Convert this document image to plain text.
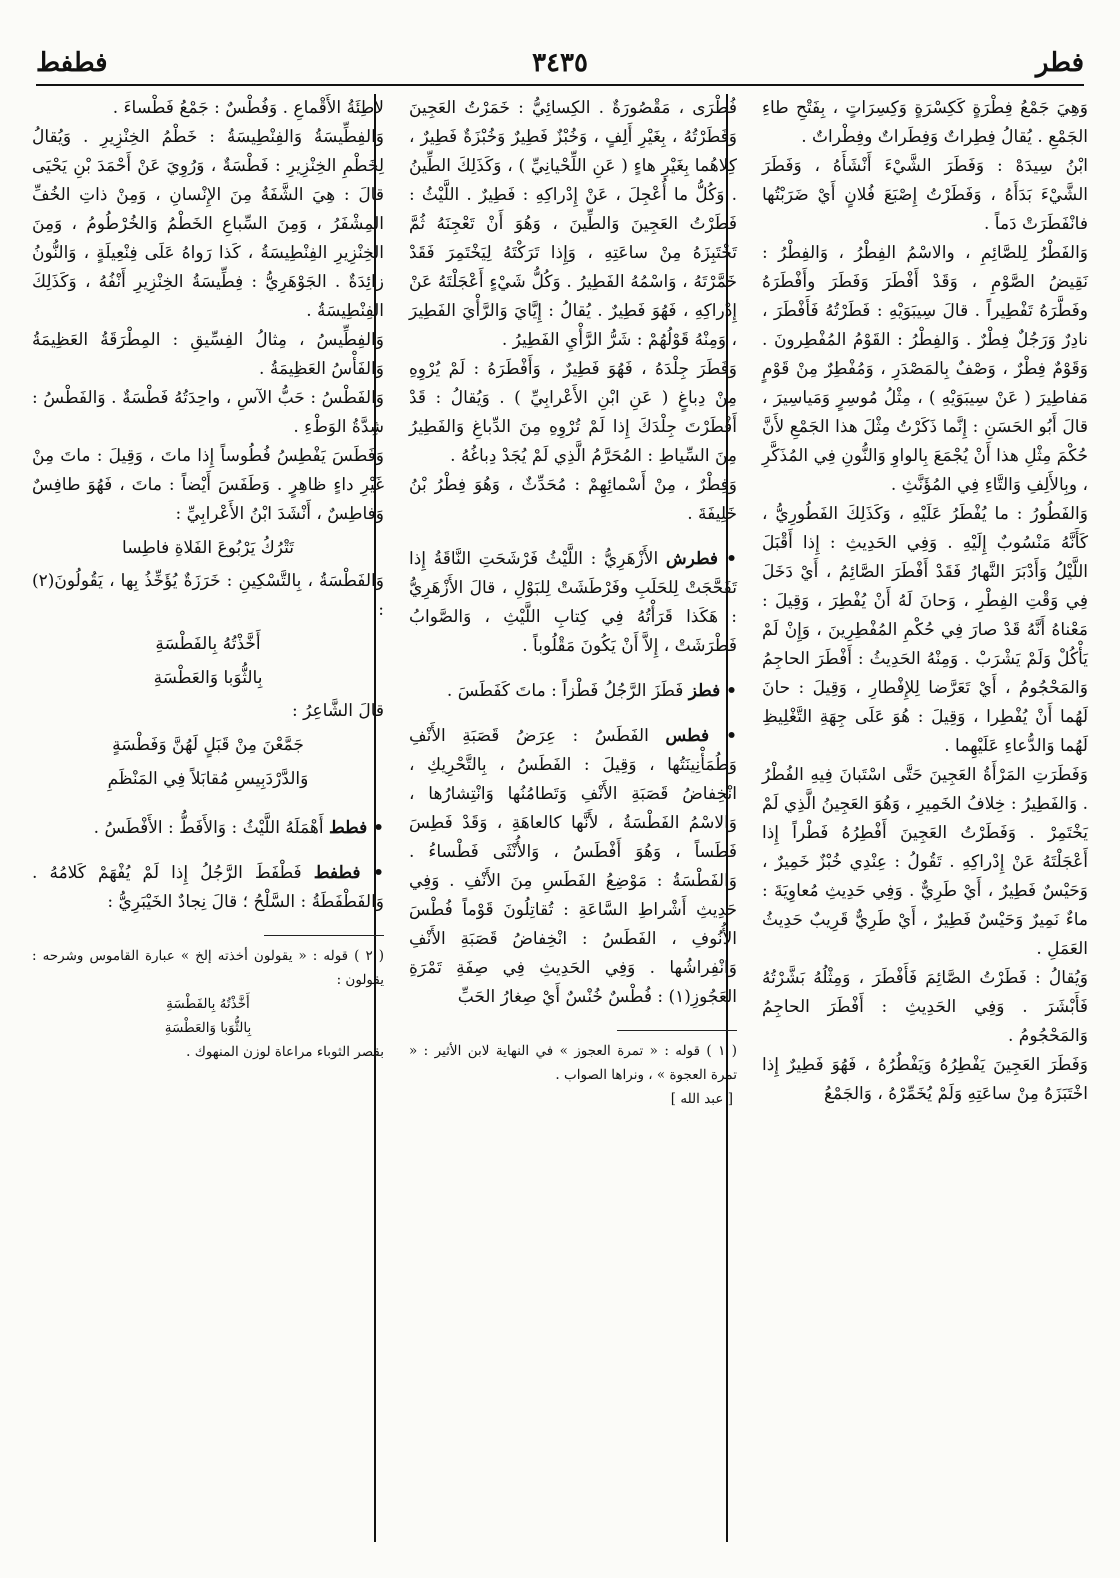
فطر
٣٤٣٥
فطفط

وَهِيَ جَمْعُ فِطْرَةٍ كَكِسْرَةٍ وَكِسِرَاتٍ ، بِفَتْحِ طاءِ الجَمْعِ . يُقالُ فِطِراتٌ وَفِطَراتٌ وفِطْراتٌ .

ابْنُ سِيدَهْ : وَفَطَرَ الشَّيْءَ أَنْشَأَهُ ، وَفَطَرَ الشَّيْءَ بَدَأَهُ ، وَفَطَرْتُ إِصْبَعَ فُلانٍ أَيْ ضَرَبْتُها فانْفَطَرَتْ دَماً .

وَالفَطْرُ لِلصَّائِمِ ، والاسْمُ الفِطْرُ ، وَالفِطْرُ : نَقِيضُ الصَّوْمِ ، وَقَدْ أَفْطَرَ وَفَطَرَ وأَفْطَرَهُ وفَطَّرَهُ تَفْطِيراً . قالَ سِيبَوَيْهِ : فَطَرْتُهُ فَأَفْطَرَ ، نادِرٌ وَرَجُلٌ فِطْرٌ . وَالفِطْرُ : القَوْمُ المُفْطِرونَ . وَقَوْمٌ فِطْرٌ ، وَصْفٌ بِالمَصْدَرِ ، وَمُفْطِرٌ مِنْ قَوْمٍ مَفاطِيرَ ( عَنْ سِيبَوَيْهِ ) ، مِثْلُ مُوسِرٍ وَمَياسِيرَ ، قالَ أَبُو الحَسَنِ : إِنَّما ذَكَرْتُ مِثْلَ هذا الجَمْعِ لأَنَّ حُكْمَ مِثْلِ هذا أَنْ يُجْمَعَ بِالواوِ وَالنُّونِ فِي المُذَكَّرِ ، وبِالأَلِفِ وَالتَّاءِ فِي المُؤَنَّثِ .

وَالفَطُورُ : ما يُفْطَرُ عَلَيْهِ ، وَكَذَلِكَ الفَطُورِيُّ ، كَأَنَّهُ مَنْسُوبٌ إِلَيْهِ . وَفِي الحَدِيثِ : إِذا أَقْبَلَ اللَّيْلُ وَأَدْبَرَ النَّهارُ فَقَدْ أَفْطَرَ الصَّائِمُ ، أَيْ دَخَلَ فِي وَقْتِ الفِطْرِ ، وَحانَ لَهُ أَنْ يُفْطِرَ ، وَقِيلَ : مَعْناهُ أَنَّهُ قَدْ صارَ فِي حُكْمِ المُفْطِرِينَ ، وَإِنْ لَمْ يَأْكُلْ وَلَمْ يَشْرَبْ . وَمِنْهُ الحَدِيثُ : أَفْطَرَ الحاجِمُ وَالمَحْجُومُ ، أَيْ تَعَرَّضا لِلإِفْطارِ ، وَقِيلَ : حانَ لَهُما أَنْ يُفْطِرا ، وَقِيلَ : هُوَ عَلَى جِهَةِ التَّغْلِيظِ لَهُما وَالدُّعاءِ عَلَيْهِما .

وَفَطَرَتِ المَرْأَةُ العَجِينَ حَتَّى اسْتَبانَ فِيهِ الفُطْرُ . وَالفَطِيرُ : خِلافُ الخَمِيرِ ، وَهُوَ العَجِينُ الَّذِي لَمْ يَخْتَمِرْ . وَفَطَرْتُ العَجِينَ أَفْطِرُهُ فَطْراً إِذا أَعْجَلْتَهُ عَنْ إِدْراكِهِ . تَقُولُ : عِنْدِي خُبْزٌ خَمِيرٌ ، وَحَيْسٌ فَطِيرٌ ، أَيْ طَرِيٌّ . وَفِي حَدِيثِ مُعاوِيَةَ : ماءٌ نَمِيرٌ وَحَيْسٌ فَطِيرٌ ، أَيْ طَرِيٌّ قَرِيبٌ حَدِيثُ العَمَلِ .

وَيُقالُ : فَطَرْتُ الصَّائِمَ فَأَفْطَرَ ، وَمِثْلُهُ بَشَّرْتُهُ فَأَبْشَرَ . وَفِي الحَدِيثِ : أَفْطَرَ الحاجِمُ وَالمَحْجُومُ .

وَفَطَرَ العَجِينَ يَفْطِرُهُ وَيَفْطُرُهُ ، فَهُوَ فَطِيرٌ إِذا اخْتَبَزَهُ مِنْ ساعَتِهِ وَلَمْ يُخَمِّرْهُ ، وَالجَمْعُ

فُطْرَى ، مَقْصُورَةٌ . الكِسائِيُّ : خَمَرْتُ العَجِينَ وَفَطَرْتُهُ ، بِغَيْرِ أَلِفٍ ، وَخُبْزٌ فَطِيرٌ وَخُبْزَةٌ فَطِيرٌ ، كِلاهُما بِغَيْرِ هاءٍ ( عَنِ اللِّحْيانِيِّ ) ، وَكَذَلِكَ الطِّينُ . وَكُلُّ ما أُعْجِلَ ، عَنْ إِدْراكِهِ : فَطِيرٌ . اللَّيْثُ : فَطَرْتُ العَجِينَ وَالطِّينَ ، وَهُوَ أَنْ تَعْجِنَهُ ثُمَّ تَخْتَبِزَهُ مِنْ ساعَتِهِ ، وَإِذا تَرَكْتَهُ لِيَخْتَمِرَ فَقَدْ خَمَّرْتَهُ ، وَاسْمُهُ الفَطِيرُ . وَكُلُّ شَيْءٍ أَعْجَلْتَهُ عَنْ إِدْراكِهِ ، فَهُوَ فَطِيرٌ . يُقالُ : إِيَّايَ وَالرَّأْيَ الفَطِيرَ ، وَمِنْهُ قَوْلُهُمْ : شَرُّ الرَّأْيِ الفَطِيرُ .

وَفَطَرَ جِلْدَهُ ، فَهُوَ فَطِيرٌ ، وَأَفْطَرَهُ : لَمْ يُرْوِهِ مِنْ دِباغٍ ( عَنِ ابْنِ الأَعْرابِيِّ ) . وَيُقالُ : قَدْ أَفْطَرْتَ جِلْدَكَ إِذا لَمْ تُرْوِهِ مِنَ الدِّباغِ وَالفَطِيرُ مِنَ السِّياطِ : المُحَرَّمُ الَّذِي لَمْ يُجَدْ دِباغُهُ .

وَفِطْرٌ ، مِنْ أَسْمائِهِمْ : مُحَدِّثٌ ، وَهُوَ فِطْرُ بْنُ خَلِيفَةَ .

• فطرش الأَزْهَرِيُّ : اللَّيْثُ فَرْشَحَتِ النَّاقَةُ إِذا تَفَحَّجَتْ لِلحَلَبِ وفَرْطَشَتْ لِلبَوْلِ ، قالَ الأَزْهَرِيُّ : هَكَذا قَرَأْتُهُ فِي كِتابِ اللَّيْثِ ، وَالصَّوابُ فَطْرَشَتْ ، إِلاَّ أَنْ يَكُونَ مَقْلُوباً .

• فطز فَطَزَ الرَّجُلُ فَطْزاً : ماتَ كَفَطَسَ .

• فطس الفَطَسُ : عِرَضُ قَصَبَةِ الأَنْفِ وَطُمَأْنِينَتُها ، وَقِيلَ : الفَطَسُ ، بِالتَّحْرِيكِ ، انْخِفاضُ قَصَبَةِ الأَنْفِ وَتَطامُنُها وَانْتِشارُها ، وَالاسْمُ الفَطْسَةُ ، لأَنَّها كالعاهَةِ ، وَقَدْ فَطِسَ فَطَساً ، وَهُوَ أَفْطَسُ ، وَالأُنْثَى فَطْساءُ . وَالفَطْسَةُ : مَوْضِعُ الفَطَسِ مِنَ الأَنْفِ . وَفِي حَدِيثِ أَشْراطِ السَّاعَةِ : تُقاتِلُونَ قَوْماً فُطْسَ الأُنُوفِ ، الفَطَسُ : انْخِفاضُ قَصَبَةِ الأَنْفِ وَانْفِراشُها . وَفِي الحَدِيثِ فِي صِفَةِ تَمْرَةِ العَجُوزِ(١) : فُطْسٌ خُنْسٌ أَيْ صِغارُ الحَبِّ

( ١ ) قوله : « تمرة العجوز » في النهاية لابن الأثير : « تمرة العجوة » ، ونراها الصواب .

[ عبد الله ]

لاطِئَةُ الأَقْماعِ . وَفُطْسٌ : جَمْعُ فَطْساءَ .

وَالفِطِّيسَةُ وَالفِنْطِيسَةُ : خَطْمُ الخِنْزِيرِ . وَيُقالُ لِخَطْمِ الخِنْزِيرِ : فَطْسَةٌ ، وَرُوِيَ عَنْ أَحْمَدَ بْنِ يَحْيَى قالَ : هِيَ الشَّفَةُ مِنَ الإِنْسانِ ، وَمِنْ ذاتِ الخُفِّ المِشْفَرُ ، وَمِنَ السِّباعِ الخَطْمُ وَالخُرْطُومُ ، وَمِنَ الخِنْزِيرِ الفِنْطِيسَةُ ، كَذا رَواهُ عَلَى فِنْعِيلَةٍ ، وَالنُّونُ زائِدَةٌ . الجَوْهَرِيُّ : فِطِّيسَةُ الخِنْزِيرِ أَنْفُهُ ، وَكَذَلِكَ الفِنْطِيسَةُ .

وَالفِطِّيسُ ، مِثالُ الفِسِّيقِ : المِطْرَقَةُ العَظِيمَةُ وَالفَأْسُ العَظِيمَةُ .

وَالفَطْسُ : حَبُّ الآسِ ، واحِدَتُهُ فَطْسَةٌ . وَالفَطْسُ : شِدَّةُ الوَطْءِ .

وَفَطَسَ يَفْطِسُ فُطُوساً إِذا ماتَ ، وَقِيلَ : ماتَ مِنْ غَيْرِ داءٍ ظاهِرٍ . وَطَفَسَ أَيْضاً : ماتَ ، فَهُوَ طافِسٌ وَفاطِسٌ ، أَنْشَدَ ابْنُ الأَعْرابِيِّ :

تَتْرُكُ يَرْبُوعَ الفَلاةِ فاطِسا

وَالفَطْسَةُ ، بِالتَّسْكِينِ : خَرَزَةٌ يُؤَخِّذُ بِها ، يَقُولُونَ(٢) :

أَخَّذْتُهُ بِالفَطْسَةِ

بِالثُّوَبا وَالعَطْسَةِ

قالَ الشَّاعِرُ :

جَمَّعْنَ مِنْ قَبَلٍ لَهُنَّ وَفَطْسَةٍ

وَالدَّرْدَبِيسِ مُقابَلاً فِي المَنْظَمِ

• فطط أَهْمَلَهُ اللَّيْثُ : وَالأَفَطُّ : الأَفْطَسُ .

• فطفط فَطْفَطَ الرَّجُلُ إِذا لَمْ يُفْهَمْ كَلامُهُ . وَالفَطْفَطَةُ : السَّلْحُ ؛ قالَ نِجادٌ الخَيْبَرِيُّ :

( ٢ ) قوله : « يقولون أخذته إلخ » عبارة القاموس وشرحه : يقولون :

أَخَّذْتُهُ بِالفَطْسَةِ

بِالثُّوَبا وَالعَطْسَةِ

بقصر الثوباء مراعاة لوزن المنهوك .
